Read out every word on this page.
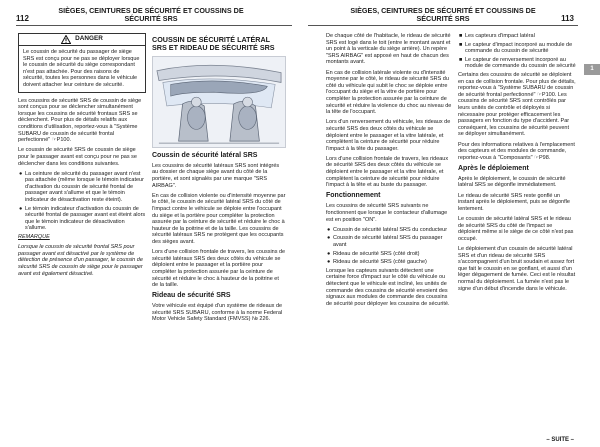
112
SIÈGES, CEINTURES DE SÉCURITÉ ET COUSSINS DE
SÉCURITÉ SRS
DANGER
Le coussin de sécurité du passager de siège SRS est conçu pour ne pas se déployer lorsque le coussin de sécurité du siège correspondant n'est pas attachée. Pour des raisons de sécurité, toutes les personnes dans le véhicule doivent attacher leur ceinture de sécurité.

Les coussins de sécurité SRS de coussin de siège sont conçus pour se déclencher simultanément lorsque les coussins de sécurité frontaux SRS se déclenchent. Pour plus de détails relatifs aux conditions d'utilisation, reportez-vous à "Système SUBARU de coussin de sécurité frontal perfectionné" ☞P100.

Le coussin de sécurité SRS de coussin de siège pour le passager avant est conçu pour ne pas se déclencher dans les conditions suivantes.

● La ceinture de sécurité du passager avant n'est pas attachée (même lorsque le témoin indicateur d'activation du coussin de sécurité frontal de passager avant s'allume et que le témoin indicateur de désactivation reste éteint).
● Le témoin indicateur d'activation du coussin de sécurité frontal de passager avant est éteint alors que le témoin indicateur de désactivation s'allume.

REMARQUE

Lorsque le coussin de sécurité frontal SRS pour passager avant est désactivé par le système de détection de présence d'un passager, le coussin de sécurité SRS de coussin de siège pour le passager avant est également désactivé.

COUSSIN DE SÉCURITÉ LATÉRAL SRS ET RIDEAU DE SÉCURITÉ SRS
Coussin de sécurité latéral SRS

Les coussins de sécurité latéraux SRS sont intégrés au dossier de chaque siège avant du côté de la portière, et sont signalés par une marque "SRS AIRBAG".

En cas de collision violente ou d'intensité moyenne par le côté, le coussin de sécurité latéral SRS du côté de l'impact contre le véhicule se déploie entre l'occupant du siège et la portière pour compléter la protection assurée par la ceinture de sécurité et réduire le choc à hauteur de la poitrine et de la taille. Les coussins de sécurité latéraux SRS ne protègent que les occupants des sièges avant.

Lors d'une collision frontale de travers, les coussins de sécurité latéraux SRS des deux côtés du véhicule se déploient entre le passager et la portière pour compléter la protection assurée par la ceinture de sécurité et réduire le choc à hauteur de la poitrine et de la taille.

Rideau de sécurité SRS

Votre véhicule est équipé d'un système de rideaux de sécurité SRS SUBARU, conforme à la norme Federal Motor Vehicle Safety Standard (FMVSS) № 226.

113
SIÈGES, CEINTURES DE SÉCURITÉ ET COUSSINS DE
SÉCURITÉ SRS

De chaque côté de l'habitacle, le rideau de sécurité SRS est logé dans le toit (entre le montant avant et un point à la verticale du siège arrière). Un repère "SRS AIRBAG" est apposé en haut de chacun des montants avant.

En cas de collision latérale violente ou d'intensité moyenne par le côté, le rideau de sécurité SRS du côté du véhicule qui subit le choc se déploie entre l'occupant du siège et la vitre de portière pour compléter la protection assurée par la ceinture de sécurité et réduire la violence du choc au niveau de la tête de l'occupant.

Lors d'un renversement du véhicule, les rideaux de sécurité SRS des deux côtés du véhicule se déploient entre le passager et la vitre latérale, et complètent la ceinture de sécurité pour réduire l'impact à la tête du passager.

Lors d'une collision frontale de travers, les rideaux de sécurité SRS des deux côtés du véhicule se déploient entre le passager et la vitre latérale, et complètent la ceinture de sécurité pour réduire l'impact à la tête et au buste du passager.

Fonctionnement

Les coussins de sécurité SRS suivants ne fonctionnent que lorsque le contacteur d'allumage est en position "ON".

● Coussin de sécurité latéral SRS du conducteur
● Coussin de sécurité latéral SRS du passager avant
● Rideau de sécurité SRS (côté droit)
● Rideau de sécurité SRS (côté gauche)

Lorsque les capteurs suivants détectent une certaine force d'impact sur le côté du véhicule ou détectent que le véhicule est incliné, les unités de commande des coussins de sécurité envoient des signaux aux modules de commande des coussins de sécurité pour déployer les coussins de sécurité.

■ Les capteurs d'impact latéral
■ Le capteur d'impact incorporé au module de commande du coussin de sécurité
■ Le capteur de renversement incorporé au module de commande du coussin de sécurité

Certains des coussins de sécurité se déploient en cas de collision frontale. Pour plus de détails, reportez-vous à "Système SUBARU de coussin de sécurité frontal perfectionné" ☞P100. Les coussins de sécurité SRS sont contrôlés par leurs unités de contrôle et déployés si nécessaire pour protéger efficacement les passagers en fonction du type d'accident. Par conséquent, les coussins de sécurité peuvent se déployer simultanément.

Pour des informations relatives à l'emplacement des capteurs et des modules de commande, reportez-vous à "Composants" ☞P98.

Après le déploiement

Après le déploiement, le coussin de sécurité latéral SRS se dégonfle immédiatement.

Le rideau de sécurité SRS reste gonflé un instant après le déploiement, puis se dégonfle lentement.

Le coussin de sécurité latéral SRS et le rideau de sécurité SRS du côté de l'impact se déploient même si le siège de ce côté n'est pas occupé.

Le déploiement d'un coussin de sécurité latéral SRS et d'un rideau de sécurité SRS s'accompagnent d'un bruit soudain et assez fort que fait le coussin en se gonflant, et aussi d'un léger dégagement de fumée. Ceci est le résultat normal du déploiement. La fumée n'est pas le signe d'un début d'incendie dans le véhicule.

1
– SUITE –
